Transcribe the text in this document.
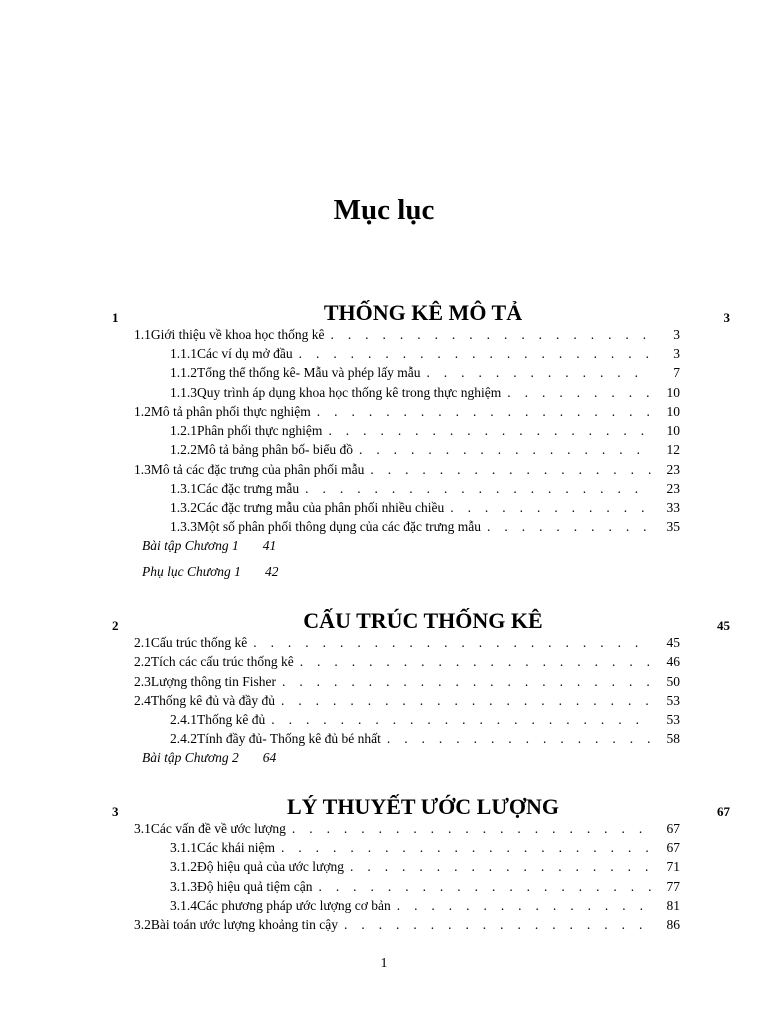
Mục lục
1	THỐNG KÊ MÔ TẢ	3
1.1 Giới thiệu về khoa học thống kê . . .	3
1.1.1 Các ví dụ mở đầu . . .	3
1.1.2 Tổng thể thống kê- Mẫu và phép lấy mẫu . . .	7
1.1.3 Quy trình áp dụng khoa học thống kê trong thực nghiệm . . .	10
1.2 Mô tả phân phối thực nghiệm . . .	10
1.2.1 Phân phối thực nghiệm . . .	10
1.2.2 Mô tả bảng phân bố- biểu đồ . . .	12
1.3 Mô tả các đặc trưng của phân phối mẫu . . .	23
1.3.1 Các đặc trưng mẫu . . .	23
1.3.2 Các đặc trưng mẫu của phân phối nhiều chiều . . .	33
1.3.3 Một số phân phối thông dụng của các đặc trưng mẫu . . .	35
Bài tập Chương 1 41
Phụ lục Chương 1 42
2	CẤU TRÚC THỐNG KÊ	45
2.1 Cấu trúc thống kê . . .	45
2.2 Tích các cấu trúc thống kê . . .	46
2.3 Lượng thông tin Fisher . . .	50
2.4 Thống kê đủ và đầy đủ . . .	53
2.4.1 Thống kê đủ . . .	53
2.4.2 Tính đầy đủ- Thống kê đủ bé nhất . . .	58
Bài tập Chương 2 64
3	LÝ THUYẾT ƯỚC LƯỢNG	67
3.1 Các vấn đề về ước lượng . . .	67
3.1.1 Các khái niệm . . .	67
3.1.2 Độ hiệu quả của ước lượng . . .	71
3.1.3 Độ hiệu quả tiệm cận . . .	77
3.1.4 Các phương pháp ước lượng cơ bản . . .	81
3.2 Bài toán ước lượng khoảng tin cậy . . .	86
1
